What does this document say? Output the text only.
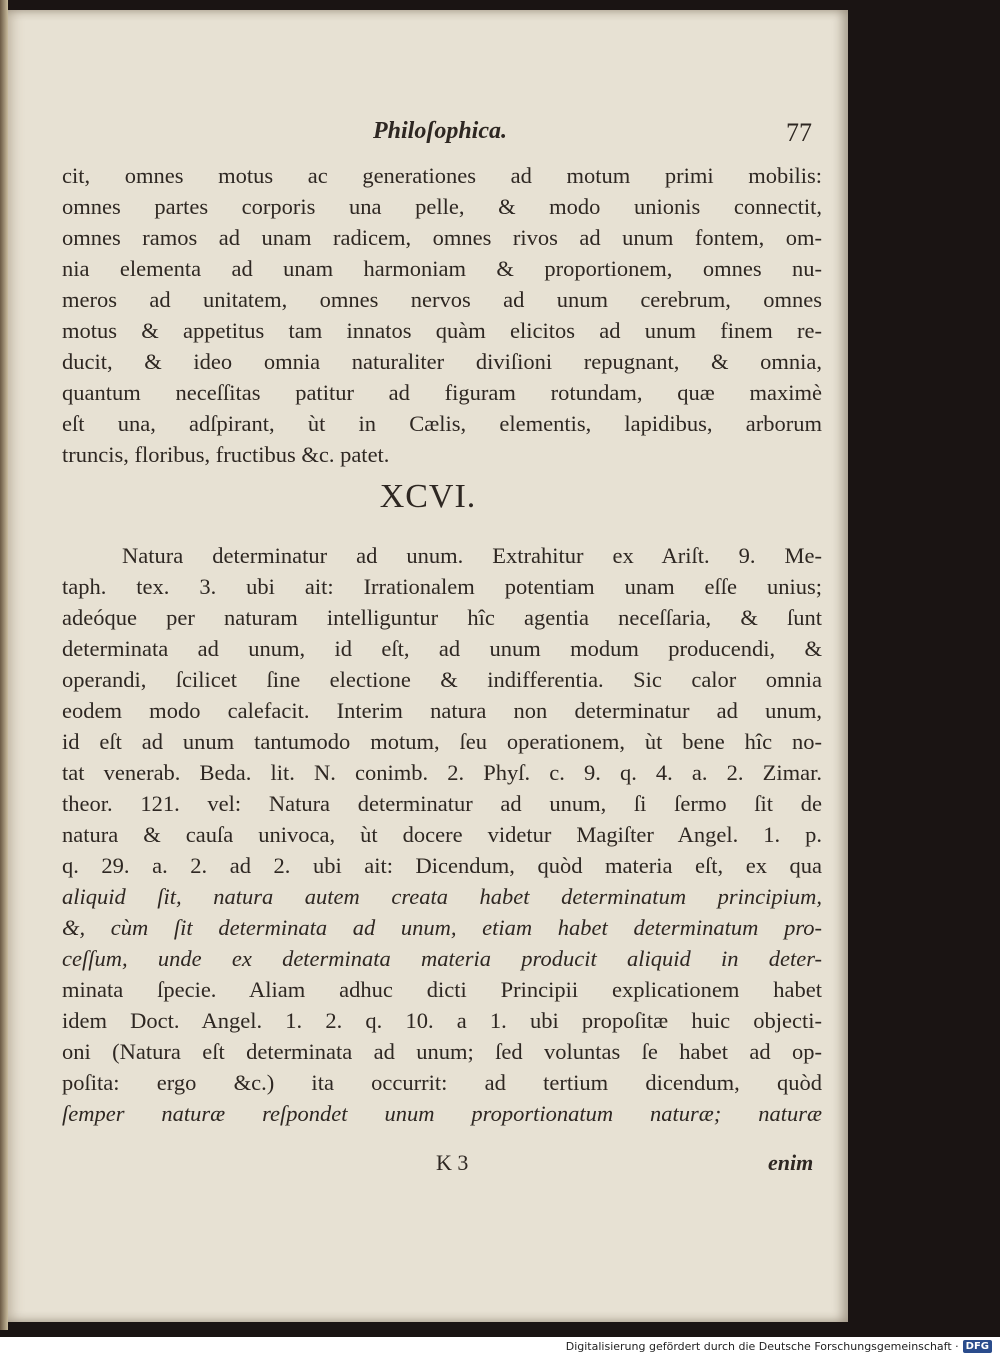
Philoſophica.	77
cit, omnes motus ac generationes ad motum primi mobilis:
omnes partes corporis una pelle, & modo unionis connectit,
omnes ramos ad unam radicem, omnes rivos ad unum fontem, om-
nia elementa ad unam harmoniam & proportionem, omnes nu-
meros ad unitatem, omnes nervos ad unum cerebrum, omnes
motus & appetitus tam innatos quàm elicitos ad unum finem re-
ducit, & ideo omnia naturaliter diviſioni repugnant, & omnia,
quantum neceſſitas patitur ad figuram rotundam, quæ maximè
eſt una, adſpirant, ùt in Cælis, elementis, lapidibus, arborum
truncis, floribus, fructibus &c. patet.
XCVI.
Natura determinatur ad unum. Extrahitur ex Ariſt. 9. Me-
taph. tex. 3. ubi ait: Irrationalem potentiam unam eſſe unius;
adeóque per naturam intelliguntur hîc agentia neceſſaria, & ſunt
determinata ad unum, id eſt, ad unum modum producendi, &
operandi, ſcilicet ſine electione & indifferentia. Sic calor omnia
eodem modo calefacit. Interim natura non determinatur ad unum,
id eſt ad unum tantumodo motum, ſeu operationem, ùt bene hîc no-
tat venerab. Beda. lit. N. conimb. 2. Phyſ. c. 9. q. 4. a. 2. Zimar.
theor. 121. vel: Natura determinatur ad unum, ſi ſermo ſit de
natura & cauſa univoca, ùt docere videtur Magiſter Angel. 1. p.
q. 29. a. 2. ad 2. ubi ait: Dicendum, quòd materia eſt, ex qua
aliquid ſit, natura autem creata habet determinatum principium,
&, cùm ſit determinata ad unum, etiam habet determinatum pro-
ceſſum, unde ex determinata materia producit aliquid in deter-
minata ſpecie. Aliam adhuc dicti Principii explicationem habet
idem Doct. Angel. 1. 2. q. 10. a 1. ubi propoſitæ huic objecti-
oni (Natura eſt determinata ad unum; ſed voluntas ſe habet ad op-
poſita: ergo &c.) ita occurrit: ad tertium dicendum, quòd
ſemper naturæ reſpondet unum proportionatum naturæ; naturæ
K 3	enim
Digitalisierung gefördert durch die Deutsche Forschungsgemeinschaft · DFG
